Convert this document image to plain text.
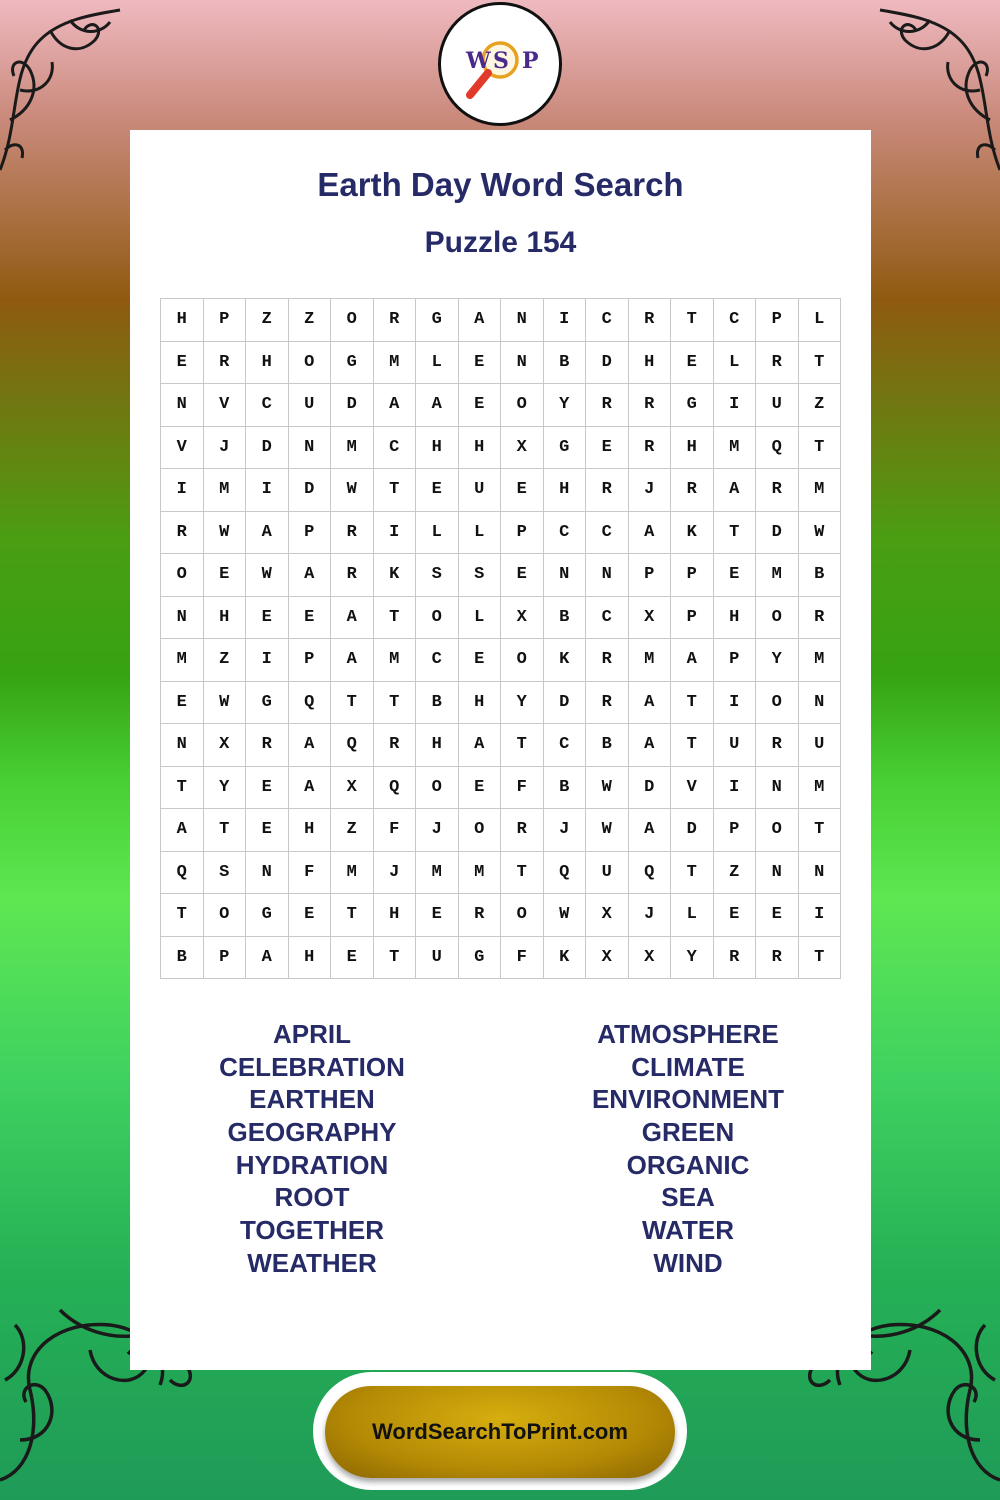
W S P
Earth Day Word Search
Puzzle 154
H	P	Z	Z	O	R	G	A	N	I	C	R	T	C	P	L
E	R	H	O	G	M	L	E	N	B	D	H	E	L	R	T
N	V	C	U	D	A	A	E	O	Y	R	R	G	I	U	Z
V	J	D	N	M	C	H	H	X	G	E	R	H	M	Q	T
I	M	I	D	W	T	E	U	E	H	R	J	R	A	R	M
R	W	A	P	R	I	L	L	P	C	C	A	K	T	D	W
O	E	W	A	R	K	S	S	E	N	N	P	P	E	M	B
N	H	E	E	A	T	O	L	X	B	C	X	P	H	O	R
M	Z	I	P	A	M	C	E	O	K	R	M	A	P	Y	M
E	W	G	Q	T	T	B	H	Y	D	R	A	T	I	O	N
N	X	R	A	Q	R	H	A	T	C	B	A	T	U	R	U
T	Y	E	A	X	Q	O	E	F	B	W	D	V	I	N	M
A	T	E	H	Z	F	J	O	R	J	W	A	D	P	O	T
Q	S	N	F	M	J	M	M	T	Q	U	Q	T	Z	N	N
T	O	G	E	T	H	E	R	O	W	X	J	L	E	E	I
B	P	A	H	E	T	U	G	F	K	X	X	Y	R	R	T
APRIL
CELEBRATION
EARTHEN
GEOGRAPHY
HYDRATION
ROOT
TOGETHER
WEATHER
ATMOSPHERE
CLIMATE
ENVIRONMENT
GREEN
ORGANIC
SEA
WATER
WIND
WordSearchToPrint.com
